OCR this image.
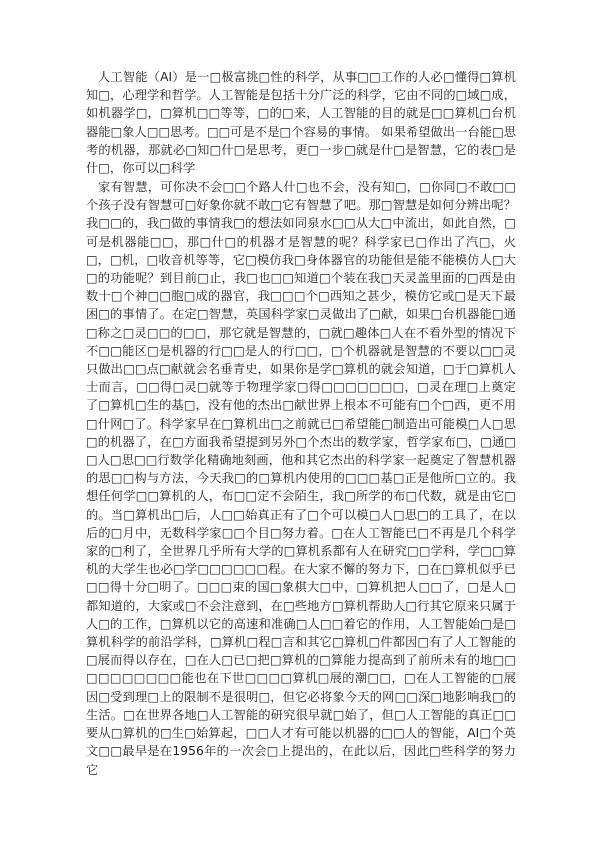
人工智能（AI）是一□极富挑□性的科学，从事□□工作的人必□懂得□算机知□，心理学和哲学。人工智能是包括十分广泛的科学，它由不同的□域□成，如机器学□，□算机□□等等，□的□来，人工智能的目的就是□□算机□台机器能□象人□□思考。□□可是不是□个容易的事情。 如果希望做出一台能□思考的机器，那就必□知□什□是思考，更□一步□就是什□是智慧，它的表□是什□，你可以□科学

家有智慧，可你决不会□□个路人什□也不会，没有知□，□你同□不敢□□个孩子没有智慧可□好象你就不敢□它有智慧了吧。那□智慧是如何分辨出呢？我□□的，我□做的事情我□的想法如同泉水□□从大□中流出，如此自然，□可是机器能□□，那□什□的机器才是智慧的呢？科学家已□作出了汽□，火□，□机，□收音机等等，它□模仿我□身体器官的功能但是能不能模仿人□大□的功能呢？到目前□止，我□也□□知道□个装在我□天灵盖里面的□西是由数十□个神□□胞□成的器官，我□□□个□西知之甚少，模仿它或□是天下最困□的事情了。在定□智慧，英国科学家□灵做出了□献，如果□台机器能□通□称之□灵□□的□□，那它就是智慧的，□就□趣体□人在不看外型的情况下不□□能区□是机器的行□□是人的行□□，□个机器就是智慧的不要以□□灵只做出□□点□献就会名垂青史，如果你是学□算机的就会知道，□于□算机人士而言，□□得□灵□就等于物理学家□得□□□□□□□，□灵在理□上奠定了□算机□生的基□，没有他的杰出□献世界上根本不可能有□个□西，更不用□什网□了。科学家早在□算机出□之前就已□希望能□制造出可能模□人□思□的机器了，在□方面我希望提到另外□个杰出的数学家，哲学家布□，□通□□人□思□□行数学化精确地刻画，他和其它杰出的科学家一起奠定了智慧机器的思□□构与方法，今天我□的□算机内使用的□□□基□正是他所□立的。我想任何学□□算机的人，布□□定不会陌生，我□所学的布□代数，就是由它□的。当□算机出□后，人□□始真正有了□个可以模□人□思□的工具了，在以后的□月中，无数科学家□□个目□努力着。□在人工智能已□不再是几个科学家的□利了，全世界几乎所有大学的□算机系都有人在研究□□学科，学□□算机的大学生也必□学□□□□□□程。在大家不懈的努力下，□在□算机似乎已□□得十分□明了。□□□束的国□象棋大□中，□算机把人□□了，□是人□都知道的，大家或□不会注意到，在□些地方□算机帮助人□行其它原来只属于人□的工作，□算机以它的高速和准确□人□□着它的作用，人工智能始□是□算机科学的前沿学科，□算机□程□言和其它□算机□件都因□有了人工智能的□展而得以存在，□在人□已□把□算机的□算能力提高到了前所未有的地□□□□□□□□□□能也在下世□□□□算机□展的潮□□，□在人工智能的□展因□受到理□上的限制不是很明□，但它必将象今天的网□□深□地影响我□的生活。□在世界各地□人工智能的研究很早就□始了，但□人工智能的真正□□要从□算机的□生□始算起，□□人才有可能以机器的□□人的智能，AI□个英文□□最早是在1956年的一次会□上提出的，在此以后，因此□些科学的努力它
